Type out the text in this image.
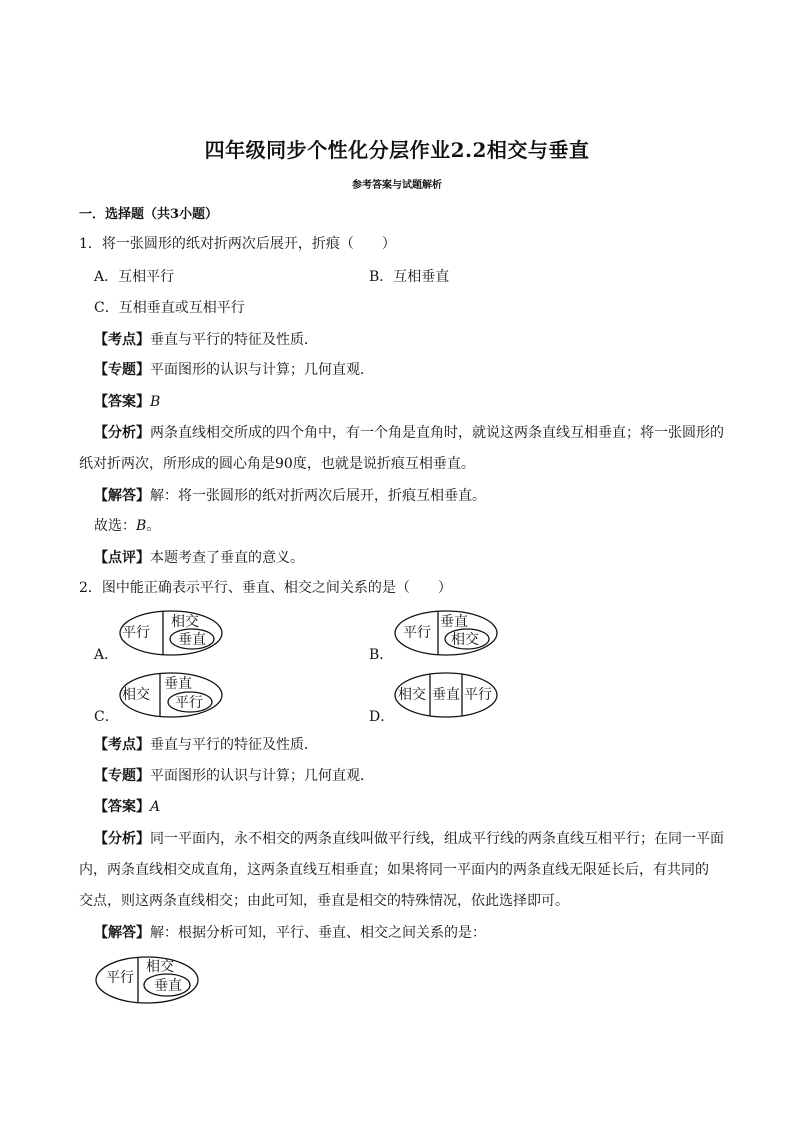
四年级同步个性化分层作业2.2相交与垂直
参考答案与试题解析
一．选择题（共3小题）
1．将一张圆形的纸对折两次后展开，折痕（　　）
A．互相平行	B．互相垂直
C．互相垂直或互相平行
【考点】垂直与平行的特征及性质．
【专题】平面图形的认识与计算；几何直观．
【答案】B
【分析】两条直线相交所成的四个角中，有一个角是直角时，就说这两条直线互相垂直；将一张圆形的
纸对折两次，所形成的圆心角是90度，也就是说折痕互相垂直。
【解答】解：将一张圆形的纸对折两次后展开，折痕互相垂直。
故选：B。
【点评】本题考查了垂直的意义。
2．图中能正确表示平行、垂直、相交之间关系的是（　　）
A．
平行
相交
垂直
B．
平行
垂直
相交
C．
相交
垂直
平行
D．
相交 垂直 平行
【考点】垂直与平行的特征及性质．
【专题】平面图形的认识与计算；几何直观．
【答案】A
【分析】同一平面内，永不相交的两条直线叫做平行线，组成平行线的两条直线互相平行；在同一平面
内，两条直线相交成直角，这两条直线互相垂直；如果将同一平面内的两条直线无限延长后，有共同的
交点，则这两条直线相交；由此可知，垂直是相交的特殊情况，依此选择即可。
【解答】解：根据分析可知，平行、垂直、相交之间关系的是：
平行
相交
垂直
